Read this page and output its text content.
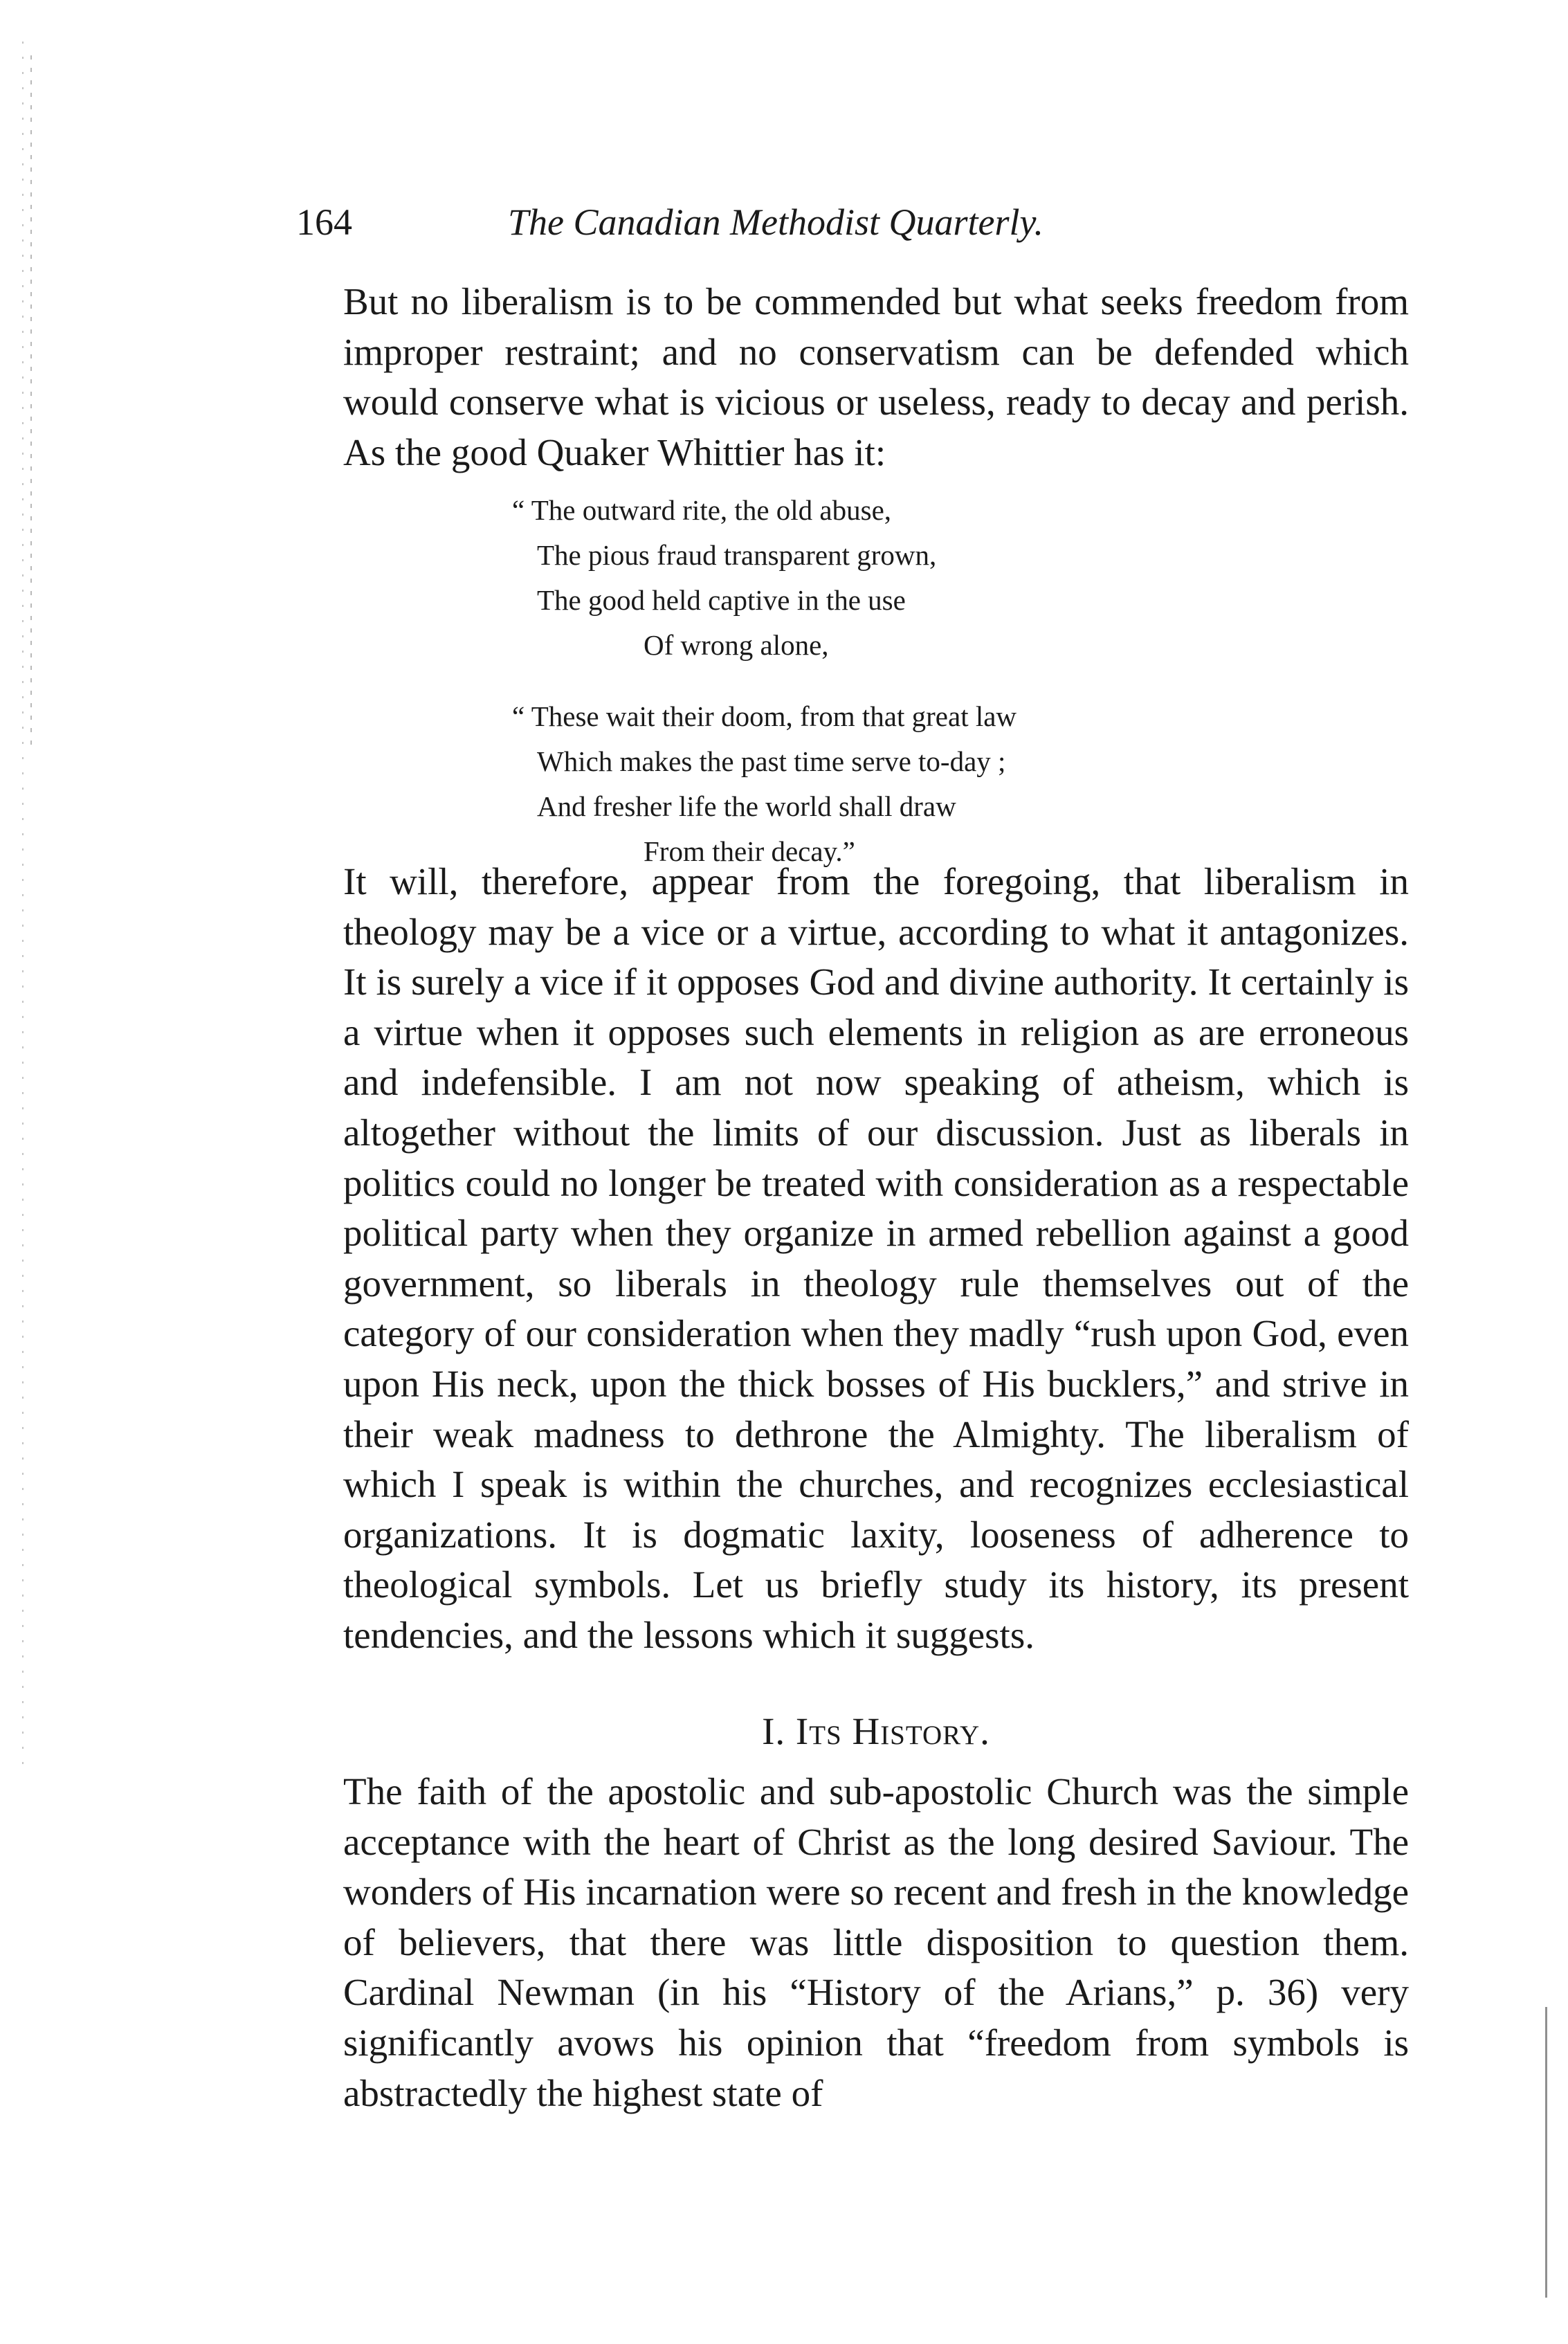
164	The Canadian Methodist Quarterly.

But no liberalism is to be commended but what seeks freedom from improper restraint; and no conservatism can be defended which would conserve what is vicious or useless, ready to decay and perish. As the good Quaker Whittier has it:

“ The outward rite, the old abuse,
The pious fraud transparent grown,
The good held captive in the use
Of wrong alone,
“ These wait their doom, from that great law
Which makes the past time serve to-day ;
And fresher life the world shall draw
From their decay.”

It will, therefore, appear from the foregoing, that liberalism in theology may be a vice or a virtue, according to what it antagonizes. It is surely a vice if it opposes God and divine authority. It certainly is a virtue when it opposes such elements in religion as are erroneous and indefensible. I am not now speaking of atheism, which is altogether without the limits of our discussion. Just as liberals in politics could no longer be treated with consideration as a respectable political party when they organize in armed rebellion against a good government, so liberals in theology rule themselves out of the category of our consideration when they madly “rush upon God, even upon His neck, upon the thick bosses of His bucklers,” and strive in their weak madness to dethrone the Almighty. The liberalism of which I speak is within the churches, and recognizes ecclesiastical organizations. It is dogmatic laxity, looseness of adherence to theological symbols. Let us briefly study its history, its present tendencies, and the lessons which it suggests.

I. Its History.

The faith of the apostolic and sub-apostolic Church was the simple acceptance with the heart of Christ as the long desired Saviour. The wonders of His incarnation were so recent and fresh in the knowledge of believers, that there was little disposition to question them. Cardinal Newman (in his “History of the Arians,” p. 36) very significantly avows his opinion that “freedom from symbols is abstractedly the highest state of
